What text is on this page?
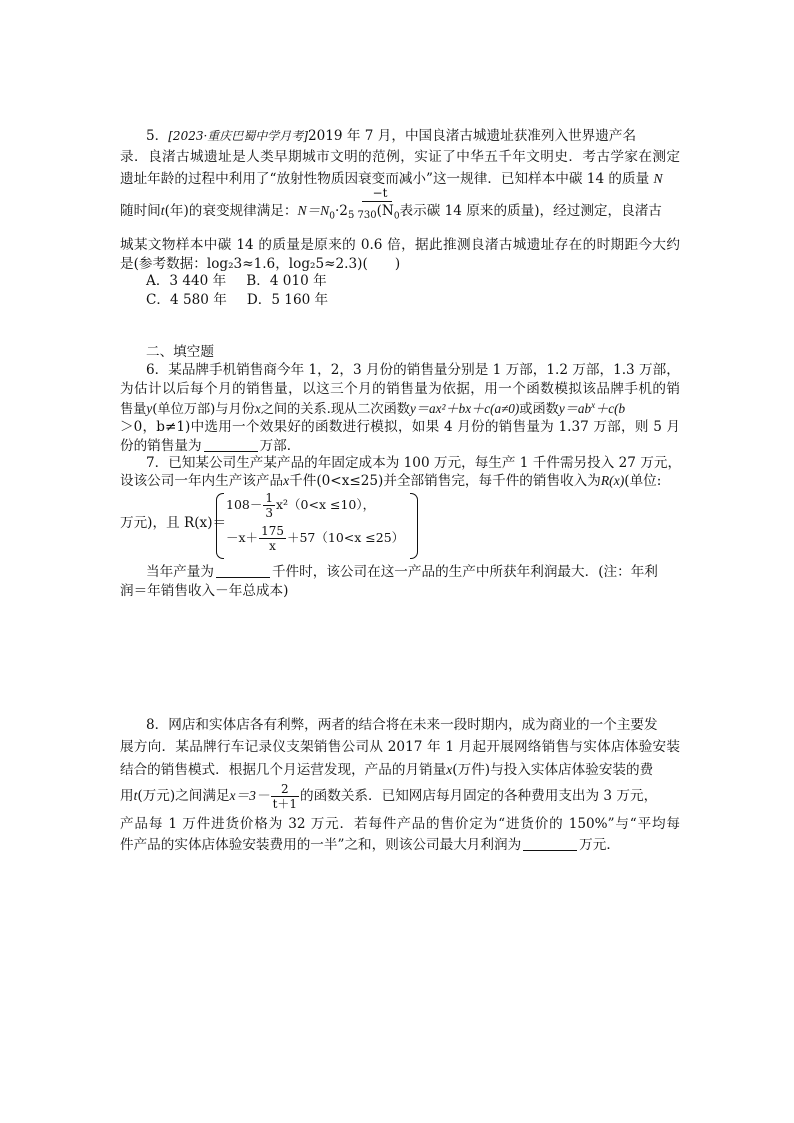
5．[2023·重庆巴蜀中学月考]2019 年 7 月，中国良渚古城遗址获准列入世界遗产名
录．良渚古城遗址是人类早期城市文明的范例，实证了中华五千年文明史．考古学家在测定
遗址年龄的过程中利用了“放射性物质因衰变而减小”这一规律．已知样本中碳 14 的质量 N
−t
随时间t(年)的衰变规律满足：$N=N_0\cdot 2_{5 730}(N_0$表示碳 14 原来的质量)，经过测定，良渚古
城某文物样本中碳 14 的质量是原来的 0.6 倍，据此推测良渚古城遗址存在的时期距今大约
是(参考数据：log₂3≈1.6，log₂5≈2.3)(　　)
A．3 440 年 B．4 010 年
C．4 580 年 D．5 160 年
二、填空题
6．某品牌手机销售商今年 1，2，3 月份的销售量分别是 1 万部，1.2 万部，1.3 万部，
为估计以后每个月的销售量，以这三个月的销售量为依据，用一个函数模拟该品牌手机的销
售量y(单位万部)与月份x之间的关系.现从二次函数y＝ax²＋bx＋c(a≠0)或函数$y=ab^x+c(b$
＞0，b≠1)中选用一个效果好的函数进行模拟，如果 4 月份的销售量为 1.37 万部，则 5 月
份的销售量为	万部．
7．已知某公司生产某产品的年固定成本为 100 万元，每生产 1 千件需另投入 27 万元，
设该公司一年内生产该产品x千件(0<x≤25)并全部销售完，每千件的销售收入为R(x)(单位:
万元)，且 R(x)＝
$108- \frac{1}{3} x^2(0<x \le 10)$，
$-x+ \frac{175}{x} +57(10<x \le 25)$
当年产量为	千件时，该公司在这一产品的生产中所获年利润最大．(注：年利
润＝年销售收入－年总成本)
8．网店和实体店各有利弊，两者的结合将在未来一段时期内，成为商业的一个主要发
展方向．某品牌行车记录仪支架销售公司从 2017 年 1 月起开展网络销售与实体店体验安装
结合的销售模式．根据几个月运营发现，产品的月销量x(万件)与投入实体店体验安装的费
用t(万元)之间满足$x=3- \frac{2}{t+1}$ 的函数关系．已知网店每月固定的各种费用支出为 3 万元，
产品每 1 万件进货价格为 32 万元．若每件产品的售价定为“进货价的 150%”与“平均每
件产品的实体店体验安装费用的一半”之和，则该公司最大月利润为	万元．
